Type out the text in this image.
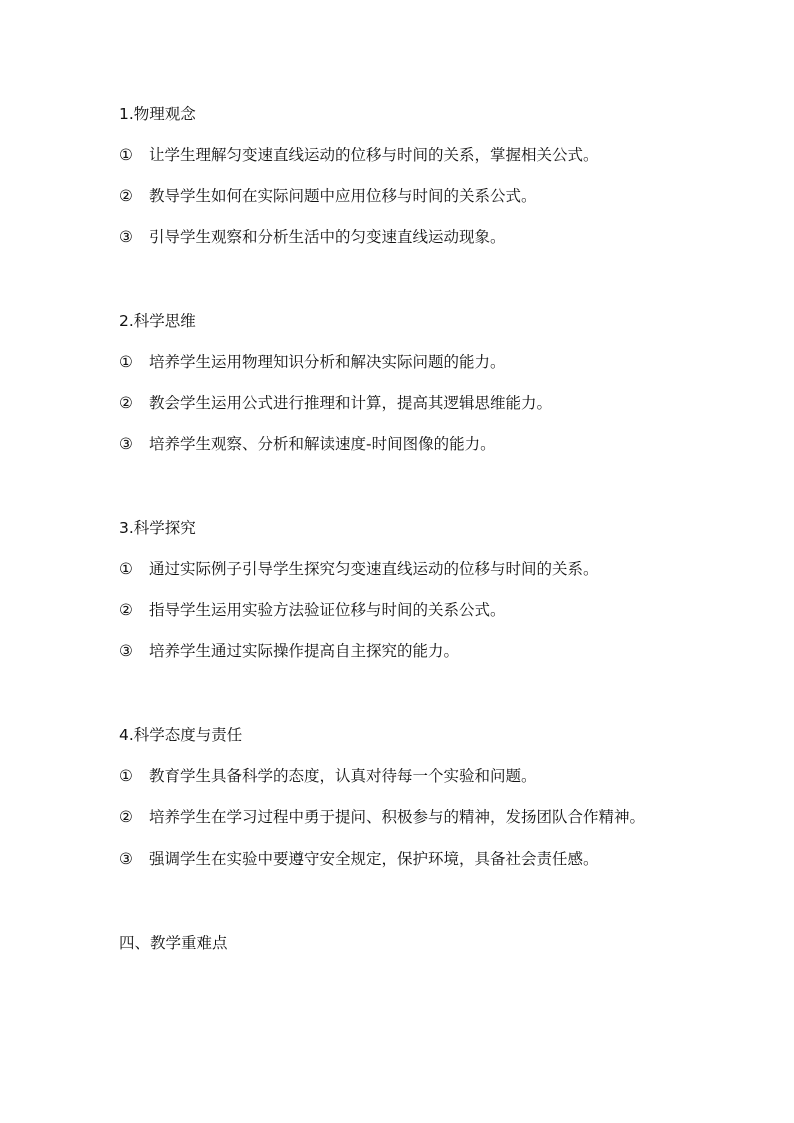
1.物理观念
① 让学生理解匀变速直线运动的位移与时间的关系，掌握相关公式。
② 教导学生如何在实际问题中应用位移与时间的关系公式。
③ 引导学生观察和分析生活中的匀变速直线运动现象。
2.科学思维
① 培养学生运用物理知识分析和解决实际问题的能力。
② 教会学生运用公式进行推理和计算，提高其逻辑思维能力。
③ 培养学生观察、分析和解读速度-时间图像的能力。
3.科学探究
① 通过实际例子引导学生探究匀变速直线运动的位移与时间的关系。
② 指导学生运用实验方法验证位移与时间的关系公式。
③ 培养学生通过实际操作提高自主探究的能力。
4.科学态度与责任
① 教育学生具备科学的态度，认真对待每一个实验和问题。
② 培养学生在学习过程中勇于提问、积极参与的精神，发扬团队合作精神。
③ 强调学生在实验中要遵守安全规定，保护环境，具备社会责任感。
四、教学重难点
